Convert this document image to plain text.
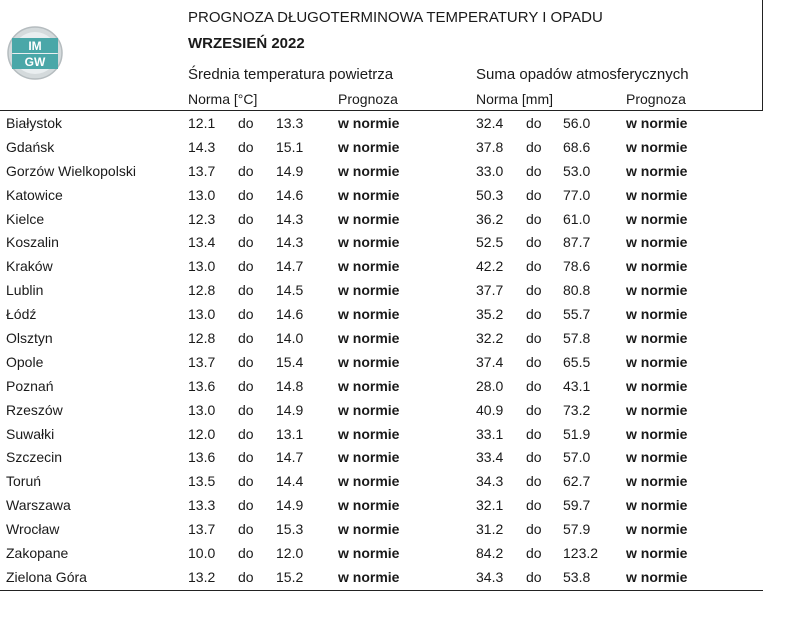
IM
GW
PROGNOZA DŁUGOTERMINOWA TEMPERATURY I OPADU
WRZESIEŃ 2022
Średnia temperatura powietrza	Suma opadów atmosferycznych
Norma [°C]	Prognoza	Norma [mm]	Prognoza
Białystok	12.1 do 13.3 w normie	32.4 do 56.0	w normie
Gdańsk	14.3 do 15.1 w normie	37.8 do 68.6	w normie
Gorzów Wielkopolski	13.7 do 14.9 w normie	33.0 do 53.0	w normie
Katowice	13.0 do 14.6 w normie	50.3 do 77.0	w normie
Kielce	12.3 do 14.3 w normie	36.2 do 61.0	w normie
Koszalin	13.4 do 14.3 w normie	52.5 do 87.7	w normie
Kraków	13.0 do 14.7 w normie	42.2 do 78.6	w normie
Lublin	12.8 do 14.5 w normie	37.7 do 80.8	w normie
Łódź	13.0 do 14.6 w normie	35.2 do 55.7	w normie
Olsztyn	12.8 do 14.0 w normie	32.2 do 57.8	w normie
Opole	13.7 do 15.4 w normie	37.4 do 65.5	w normie
Poznań	13.6 do 14.8 w normie	28.0 do 43.1	w normie
Rzeszów	13.0 do 14.9 w normie	40.9 do 73.2	w normie
Suwałki	12.0 do 13.1 w normie	33.1 do 51.9	w normie
Szczecin	13.6 do 14.7 w normie	33.4 do 57.0	w normie
Toruń	13.5 do 14.4 w normie	34.3 do 62.7	w normie
Warszawa	13.3 do 14.9 w normie	32.1 do 59.7	w normie
Wrocław	13.7 do 15.3 w normie	31.2 do 57.9	w normie
Zakopane	10.0 do 12.0 w normie	84.2 do 123.2 w normie
Zielona Góra	13.2 do 15.2 w normie	34.3 do 53.8	w normie
